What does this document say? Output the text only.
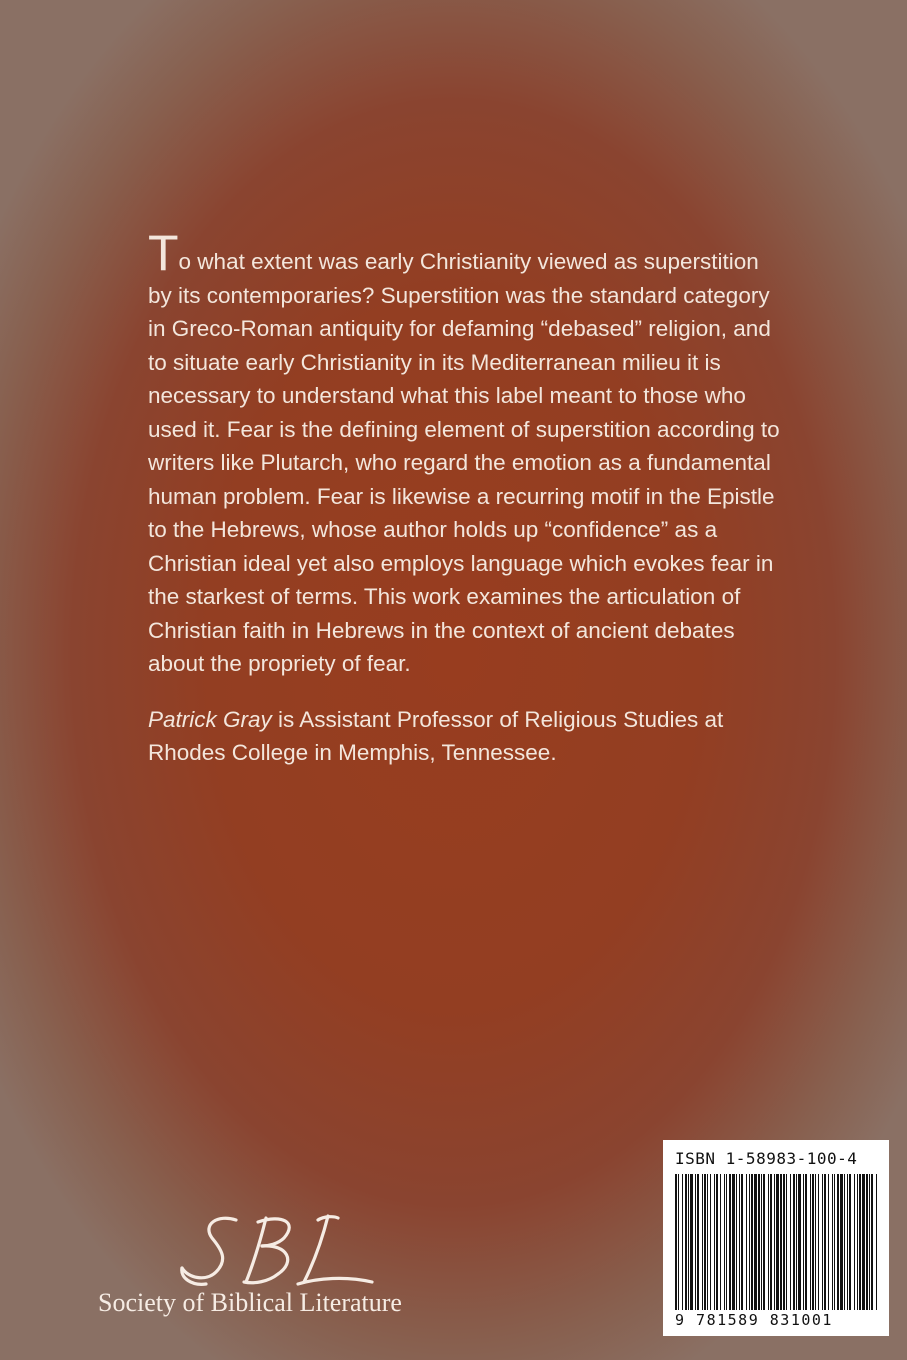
To what extent was early Christianity viewed as superstition by its contemporaries? Superstition was the standard category in Greco-Roman antiquity for defaming “debased” religion, and to situate early Christianity in its Mediterranean milieu it is necessary to understand what this label meant to those who used it. Fear is the defining element of superstition according to writers like Plutarch, who regard the emotion as a fundamental human problem. Fear is likewise a recurring motif in the Epistle to the Hebrews, whose author holds up “confidence” as a Christian ideal yet also employs language which evokes fear in the starkest of terms. This work examines the articulation of Christian faith in Hebrews in the context of ancient debates about the propriety of fear.

Patrick Gray is Assistant Professor of Religious Studies at Rhodes College in Memphis, Tennessee.

Society of Biblical Literature
ISBN 1-58983-100-4
9 781589 831001
